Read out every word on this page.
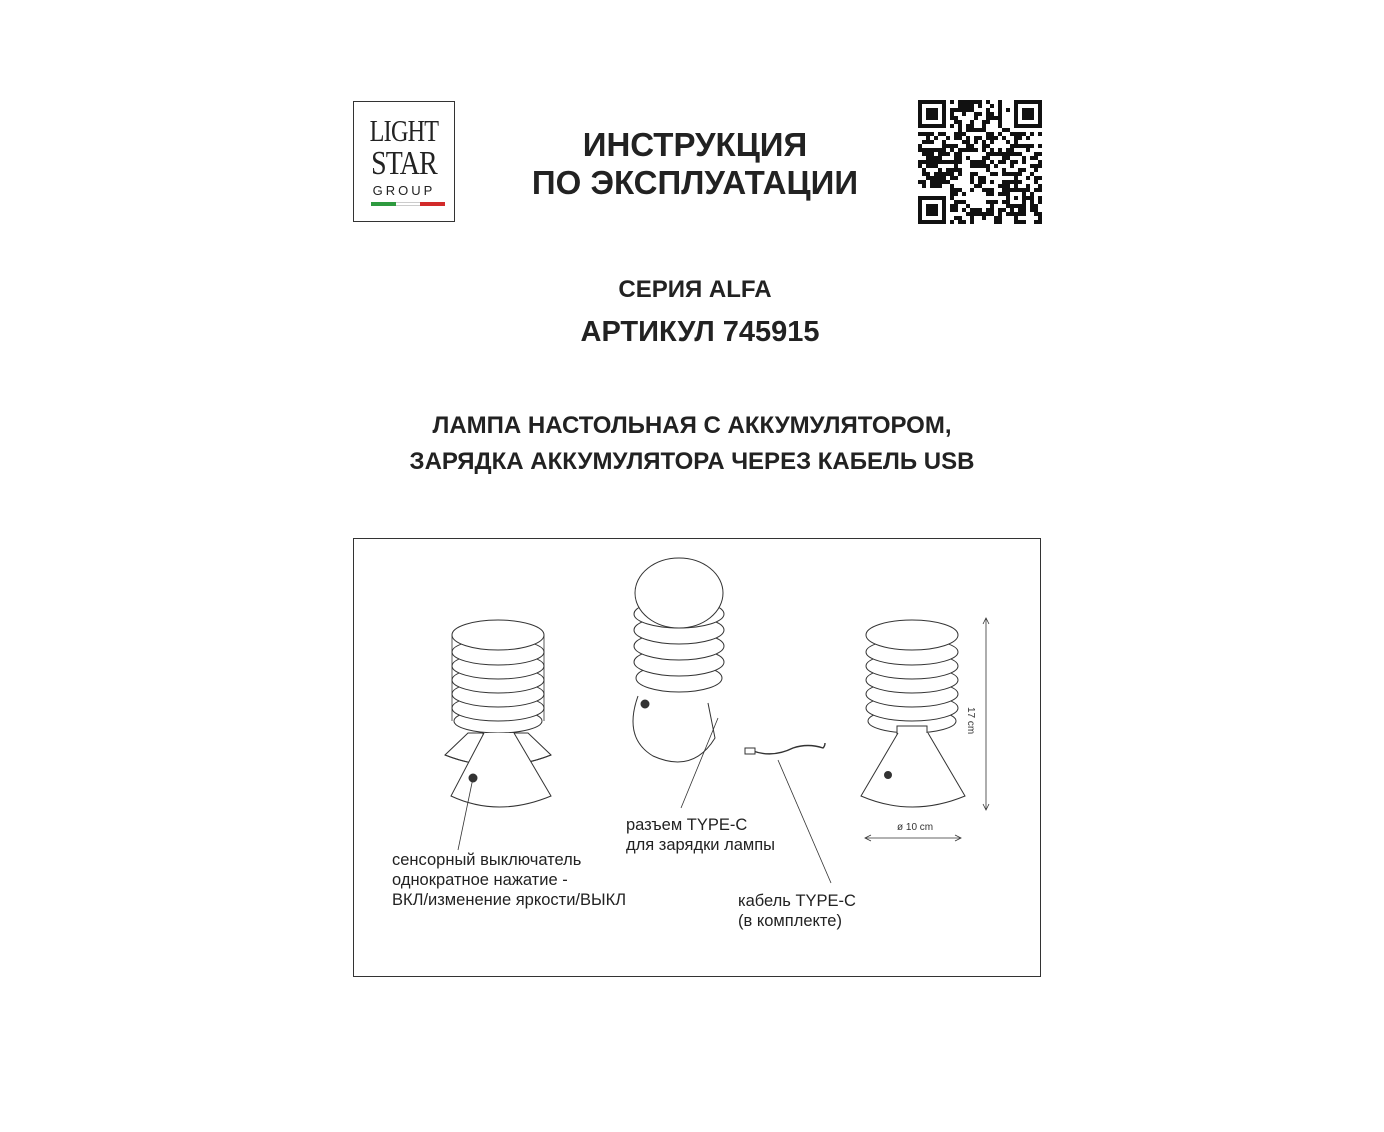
LIGHT
STAR
GROUP
ИНСТРУКЦИЯ
ПО ЭКСПЛУАТАЦИИ
СЕРИЯ ALFA
АРТИКУЛ 745915
ЛАМПА НАСТОЛЬНАЯ С АККУМУЛЯТОРОМ,
ЗАРЯДКА АККУМУЛЯТОРА ЧЕРЕЗ КАБЕЛЬ USB
сенсорный выключатель
однократное нажатие -
ВКЛ/изменение яркости/ВЫКЛ
разъем TYPE-C
для зарядки лампы
кабель TYPE-C
(в комплекте)
ø 10 cm
17 cm
